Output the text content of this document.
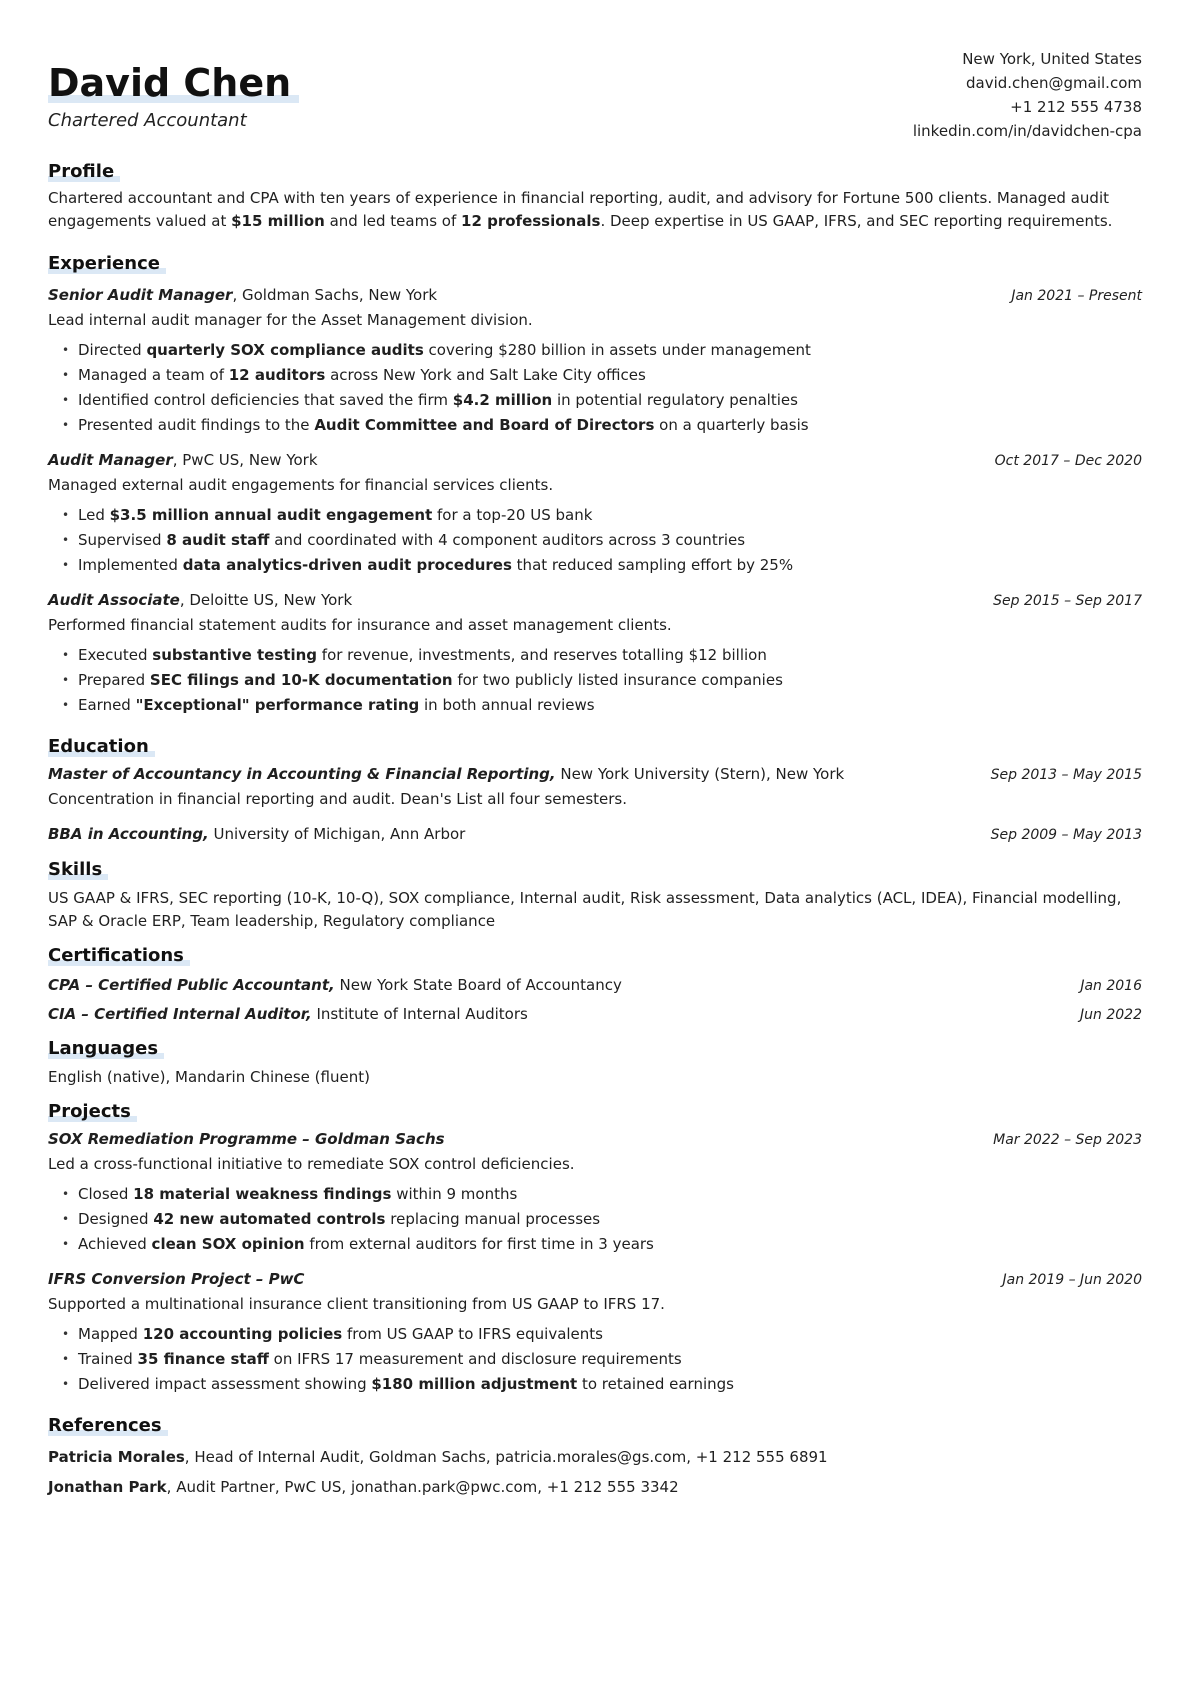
David Chen
Chartered Accountant
New York, United States
david.chen@gmail.com
+1 212 555 4738
linkedin.com/in/davidchen-cpa
Profile

Chartered accountant and CPA with ten years of experience in financial reporting, audit, and advisory for Fortune 500 clients. Managed audit engagements valued at $15 million and led teams of 12 professionals. Deep expertise in US GAAP, IFRS, and SEC reporting requirements.

Experience
Senior Audit Manager, Goldman Sachs, New York	Jan 2021 – Present

Lead internal audit manager for the Asset Management division.

• Directed quarterly SOX compliance audits covering $280 billion in assets under management
• Managed a team of 12 auditors across New York and Salt Lake City offices
• Identified control deficiencies that saved the firm $4.2 million in potential regulatory penalties
• Presented audit findings to the Audit Committee and Board of Directors on a quarterly basis
Audit Manager, PwC US, New York	Oct 2017 – Dec 2020

Managed external audit engagements for financial services clients.

• Led $3.5 million annual audit engagement for a top-20 US bank
• Supervised 8 audit staff and coordinated with 4 component auditors across 3 countries
• Implemented data analytics-driven audit procedures that reduced sampling effort by 25%
Audit Associate, Deloitte US, New York	Sep 2015 – Sep 2017

Performed financial statement audits for insurance and asset management clients.

• Executed substantive testing for revenue, investments, and reserves totalling $12 billion
• Prepared SEC filings and 10-K documentation for two publicly listed insurance companies
• Earned "Exceptional" performance rating in both annual reviews
Education
Master of Accountancy in Accounting & Financial Reporting, New York University (Stern), New York	Sep 2013 – May 2015

Concentration in financial reporting and audit. Dean's List all four semesters.

BBA in Accounting, University of Michigan, Ann Arbor	Sep 2009 – May 2013
Skills

US GAAP & IFRS, SEC reporting (10-K, 10-Q), SOX compliance, Internal audit, Risk assessment, Data analytics (ACL, IDEA), Financial modelling, SAP & Oracle ERP, Team leadership, Regulatory compliance

Certifications
CPA – Certified Public Accountant, New York State Board of Accountancy	Jan 2016
CIA – Certified Internal Auditor, Institute of Internal Auditors	Jun 2022
Languages

English (native), Mandarin Chinese (fluent)

Projects
SOX Remediation Programme – Goldman Sachs	Mar 2022 – Sep 2023

Led a cross-functional initiative to remediate SOX control deficiencies.

• Closed 18 material weakness findings within 9 months
• Designed 42 new automated controls replacing manual processes
• Achieved clean SOX opinion from external auditors for first time in 3 years
IFRS Conversion Project – PwC	Jan 2019 – Jun 2020

Supported a multinational insurance client transitioning from US GAAP to IFRS 17.

• Mapped 120 accounting policies from US GAAP to IFRS equivalents
• Trained 35 finance staff on IFRS 17 measurement and disclosure requirements
• Delivered impact assessment showing $180 million adjustment to retained earnings
References
Patricia Morales, Head of Internal Audit, Goldman Sachs, patricia.morales@gs.com, +1 212 555 6891
Jonathan Park, Audit Partner, PwC US, jonathan.park@pwc.com, +1 212 555 3342
